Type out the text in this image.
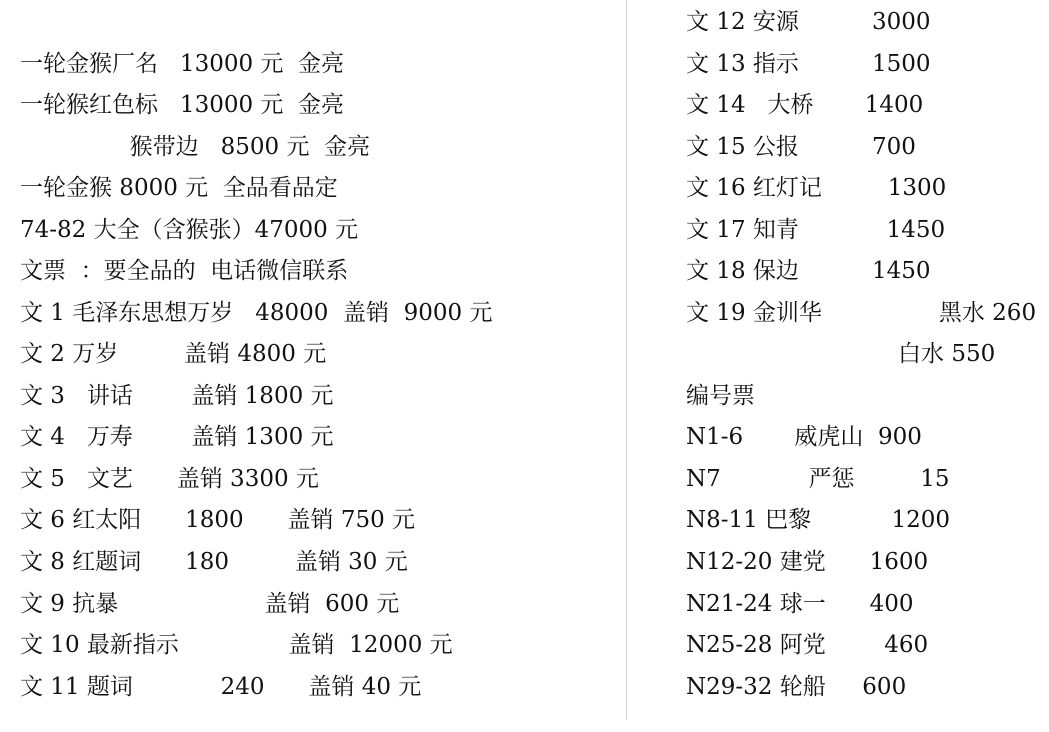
一轮金猴厂名   13000 元  金亮
一轮猴红色标   13000 元  金亮
猴带边   8500 元  金亮
一轮金猴 8000 元  全品看品定
74-82 大全（含猴张）47000 元
文票  ：要全品的  电话微信联系
文 1 毛泽东思想万岁   48000  盖销  9000 元
文 2 万岁         盖销 4800 元
文 3   讲话        盖销 1800 元
文 4   万寿        盖销 1300 元
文 5   文艺      盖销 3300 元
文 6 红太阳      1800      盖销 750 元
文 8 红题词      180         盖销 30 元
文 9 抗暴                    盖销  600 元
文 10 最新指示               盖销  12000 元
文 11 题词            240      盖销 40 元
文 12 安源          3000
文 13 指示          1500
文 14   大桥       1400
文 15 公报          700
文 16 红灯记         1300
文 17 知青            1450
文 18 保边          1450
文 19 金训华                黑水 260
白水 550
编号票
N1-6       威虎山  900
N7            严惩         15
N8-11 巴黎           1200
N12-20 建党      1600
N21-24 球一      400
N25-28 阿党        460
N29-32 轮船     600
